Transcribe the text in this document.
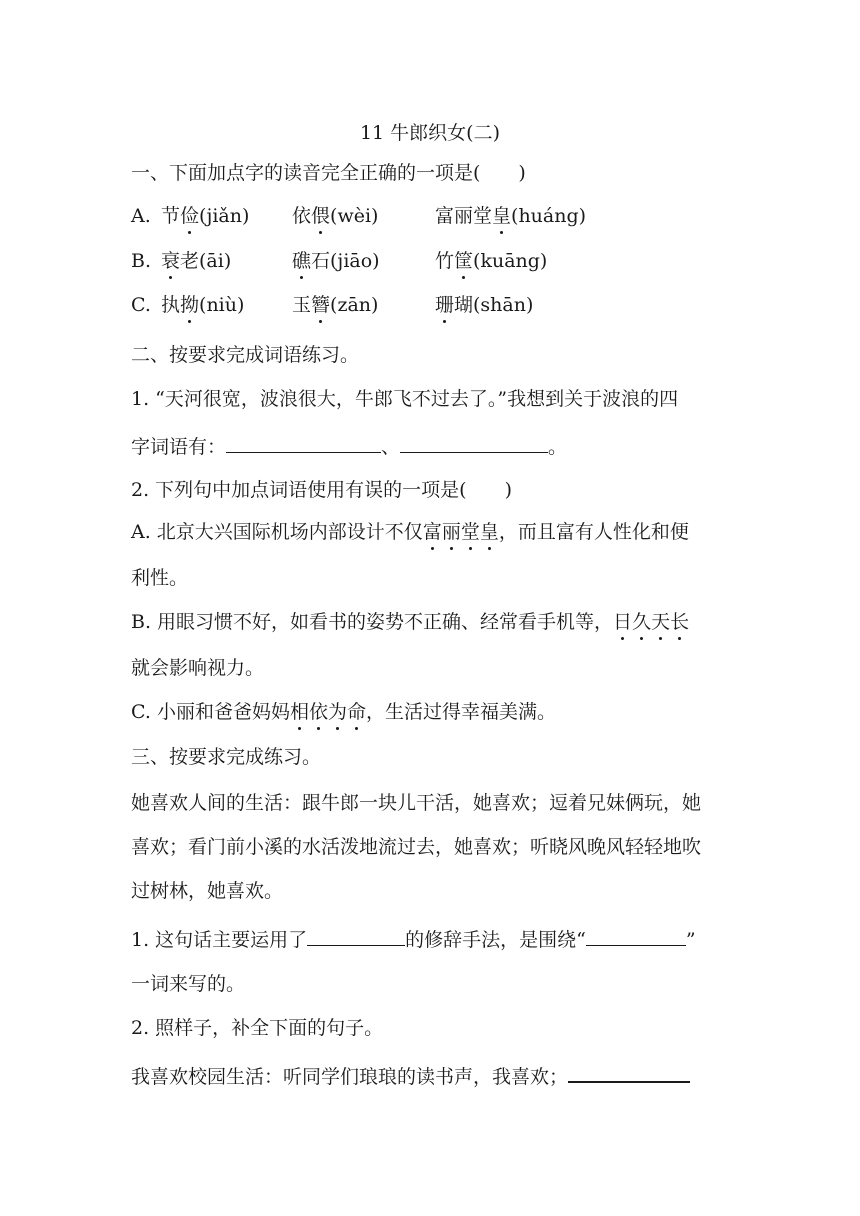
11 牛郎织女(二)
一、下面加点字的读音完全正确的一项是(　　)
A. 节俭(jiǎn) 依偎(wèi)	富丽堂皇(huáng)
B. 衰老(āi)	礁石(jiāo)	竹筐(kuāng)
C. 执拗(niù)	玉簪(zān)	珊瑚(shān)
二、按要求完成词语练习。
1. “天河很宽，波浪很大，牛郎飞不过去了。”我想到关于波浪的四
字词语有：	、	。
2. 下列句中加点词语使用有误的一项是(　　)
A. 北京大兴国际机场内部设计不仅富丽堂皇，而且富有人性化和便
利性。
B. 用眼习惯不好，如看书的姿势不正确、经常看手机等，日久天长
就会影响视力。
C. 小丽和爸爸妈妈相依为命，生活过得幸福美满。
三、按要求完成练习。
她喜欢人间的生活：跟牛郎一块儿干活，她喜欢；逗着兄妹俩玩，她
喜欢；看门前小溪的水活泼地流过去，她喜欢；听晓风晚风轻轻地吹
过树林，她喜欢。
1. 这句话主要运用了	的修辞手法，是围绕“	”
一词来写的。
2. 照样子，补全下面的句子。
我喜欢校园生活：听同学们琅琅的读书声，我喜欢；
